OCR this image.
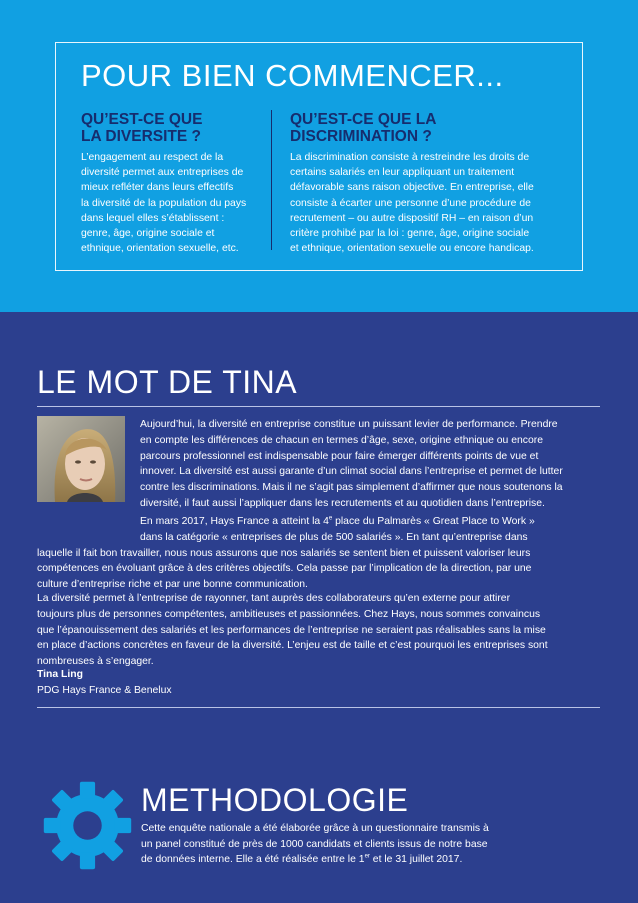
POUR BIEN COMMENCER...
QU’EST-CE QUE
LA DIVERSITE ?

L’engagement au respect de la
diversité permet aux entreprises de
mieux refléter dans leurs effectifs
la diversité de la population du pays
dans lequel elles s’établissent :
genre, âge, origine sociale et
ethnique, orientation sexuelle, etc.

QU’EST-CE QUE LA
DISCRIMINATION ?

La discrimination consiste à restreindre les droits de
certains salariés en leur appliquant un traitement
défavorable sans raison objective. En entreprise, elle
consiste à écarter une personne d’une procédure de
recrutement – ou autre dispositif RH – en raison d’un
critère prohibé par la loi : genre, âge, origine sociale
et ethnique, orientation sexuelle ou encore handicap.

LE MOT DE TINA

Aujourd’hui, la diversité en entreprise constitue un puissant levier de performance. Prendre
en compte les différences de chacun en termes d’âge, sexe, origine ethnique ou encore
parcours professionnel est indispensable pour faire émerger différents points de vue et
innover. La diversité est aussi garante d’un climat social dans l’entreprise et permet de lutter
contre les discriminations. Mais il ne s’agit pas simplement d’affirmer que nous soutenons la
diversité, il faut aussi l’appliquer dans les recrutements et au quotidien dans l’entreprise.

En mars 2017, Hays France a atteint la 4e place du Palmarès « Great Place to Work »
dans la catégorie « entreprises de plus de 500 salariés ». En tant qu’entreprise dans
laquelle il fait bon travailler, nous nous assurons que nos salariés se sentent bien et puissent valoriser leurs
compétences en évoluant grâce à des critères objectifs. Cela passe par l’implication de la direction, par une
culture d’entreprise riche et par une bonne communication.

La diversité permet à l’entreprise de rayonner, tant auprès des collaborateurs qu’en externe pour attirer
toujours plus de personnes compétentes, ambitieuses et passionnées. Chez Hays, nous sommes convaincus
que l’épanouissement des salariés et les performances de l’entreprise ne seraient pas réalisables sans la mise
en place d’actions concrètes en faveur de la diversité. L’enjeu est de taille et c’est pourquoi les entreprises sont
nombreuses à s’engager.

Tina Ling

PDG Hays France & Benelux

METHODOLOGIE

Cette enquête nationale a été élaborée grâce à un questionnaire transmis à
un panel constitué de près de 1000 candidats et clients issus de notre base
de données interne. Elle a été réalisée entre le 1er et le 31 juillet 2017.
